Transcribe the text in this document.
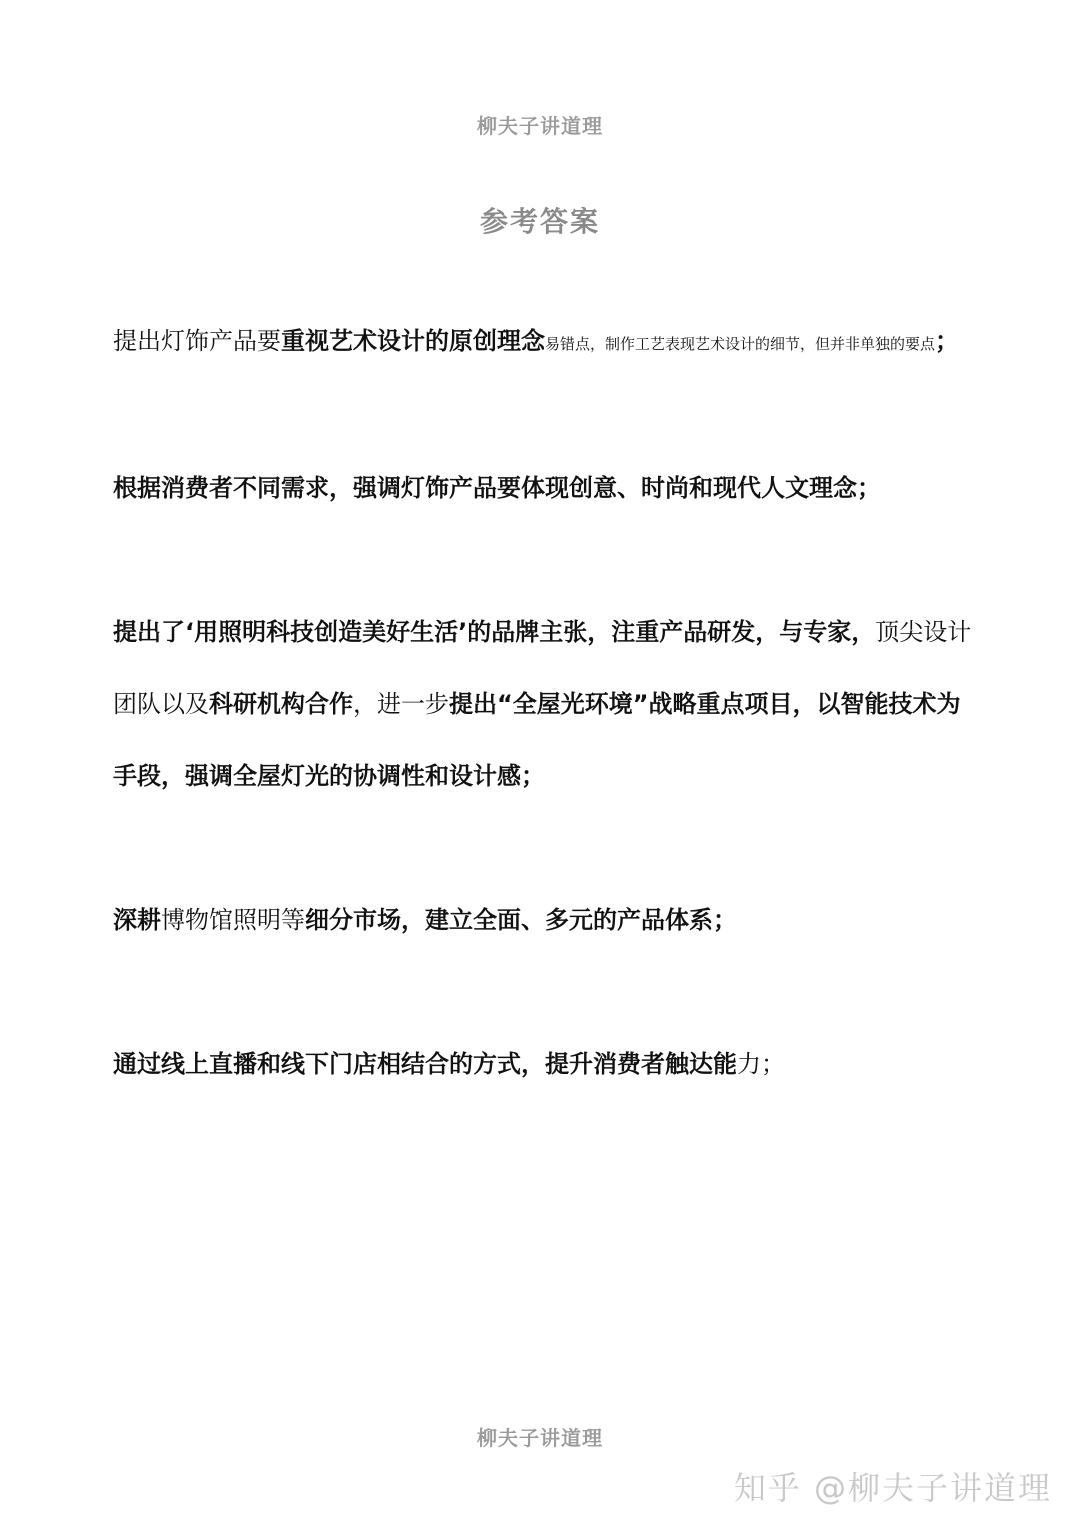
柳夫子讲道理
参考答案

提出灯饰产品要重视艺术设计的原创理念易错点，制作工艺表现艺术设计的细节，但并非单独的要点；

根据消费者不同需求，强调灯饰产品要体现创意、时尚和现代人文理念；

提出了‘用照明科技创造美好生活’的品牌主张，注重产品研发，与专家，顶尖设计团队以及科研机构合作，进一步提出“全屋光环境”战略重点项目，以智能技术为手段，强调全屋灯光的协调性和设计感；

深耕博物馆照明等细分市场，建立全面、多元的产品体系；

通过线上直播和线下门店相结合的方式，提升消费者触达能力；

柳夫子讲道理
知乎 @柳夫子讲道理
